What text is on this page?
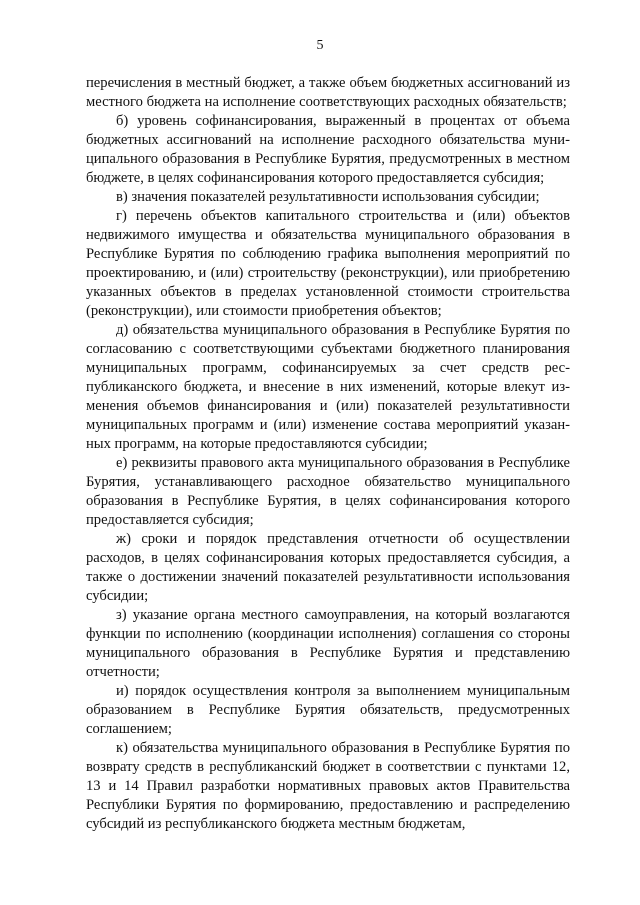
5

перечисления в местный бюджет, а также объем бюджетных ассигнований из местного бюджета на исполнение соответствующих расходных обязательств;

б) уровень софинансирования, выраженный в процентах от объема бюджетных ассигнований на исполнение расходного обязательства муниципального образования в Республике Бурятия, предусмотренных в местном бюджете, в целях софинансирования которого предоставляется субсидия;

в) значения показателей результативности использования субсидии;

г) перечень объектов капитального строительства и (или) объектов недвижимого имущества и обязательства муниципального образования в Республике Бурятия по соблюдению графика выполнения мероприятий по проектированию, и (или) строительству (реконструкции), или приобретению указанных объектов в пределах установленной стоимости строительства (реконструкции), или стоимости приобретения объектов;

д) обязательства муниципального образования в Республике Бурятия по согласованию с соответствующими субъектами бюджетного планирования муниципальных программ, софинансируемых за счет средств республиканского бюджета, и внесение в них изменений, которые влекут изменения объемов финансирования и (или) показателей результативности муниципальных программ и (или) изменение состава мероприятий указанных программ, на которые предоставляются субсидии;

е) реквизиты правового акта муниципального образования в Республике Бурятия, устанавливающего расходное обязательство муниципального образования в Республике Бурятия, в целях софинансирования которого предоставляется субсидия;

ж) сроки и порядок представления отчетности об осуществлении расходов, в целях софинансирования которых предоставляется субсидия, а также о достижении значений показателей результативности использования субсидии;

з) указание органа местного самоуправления, на который возлагаются функции по исполнению (координации исполнения) соглашения со стороны муниципального образования в Республике Бурятия и представлению отчетности;

и) порядок осуществления контроля за выполнением муниципальным образованием в Республике Бурятия обязательств, предусмотренных соглашением;

к) обязательства муниципального образования в Республике Бурятия по возврату средств в республиканский бюджет в соответствии с пунктами 12, 13 и 14 Правил разработки нормативных правовых актов Правительства Республики Бурятия по формированию, предоставлению и распределению субсидий из республиканского бюджета местным бюджетам,
